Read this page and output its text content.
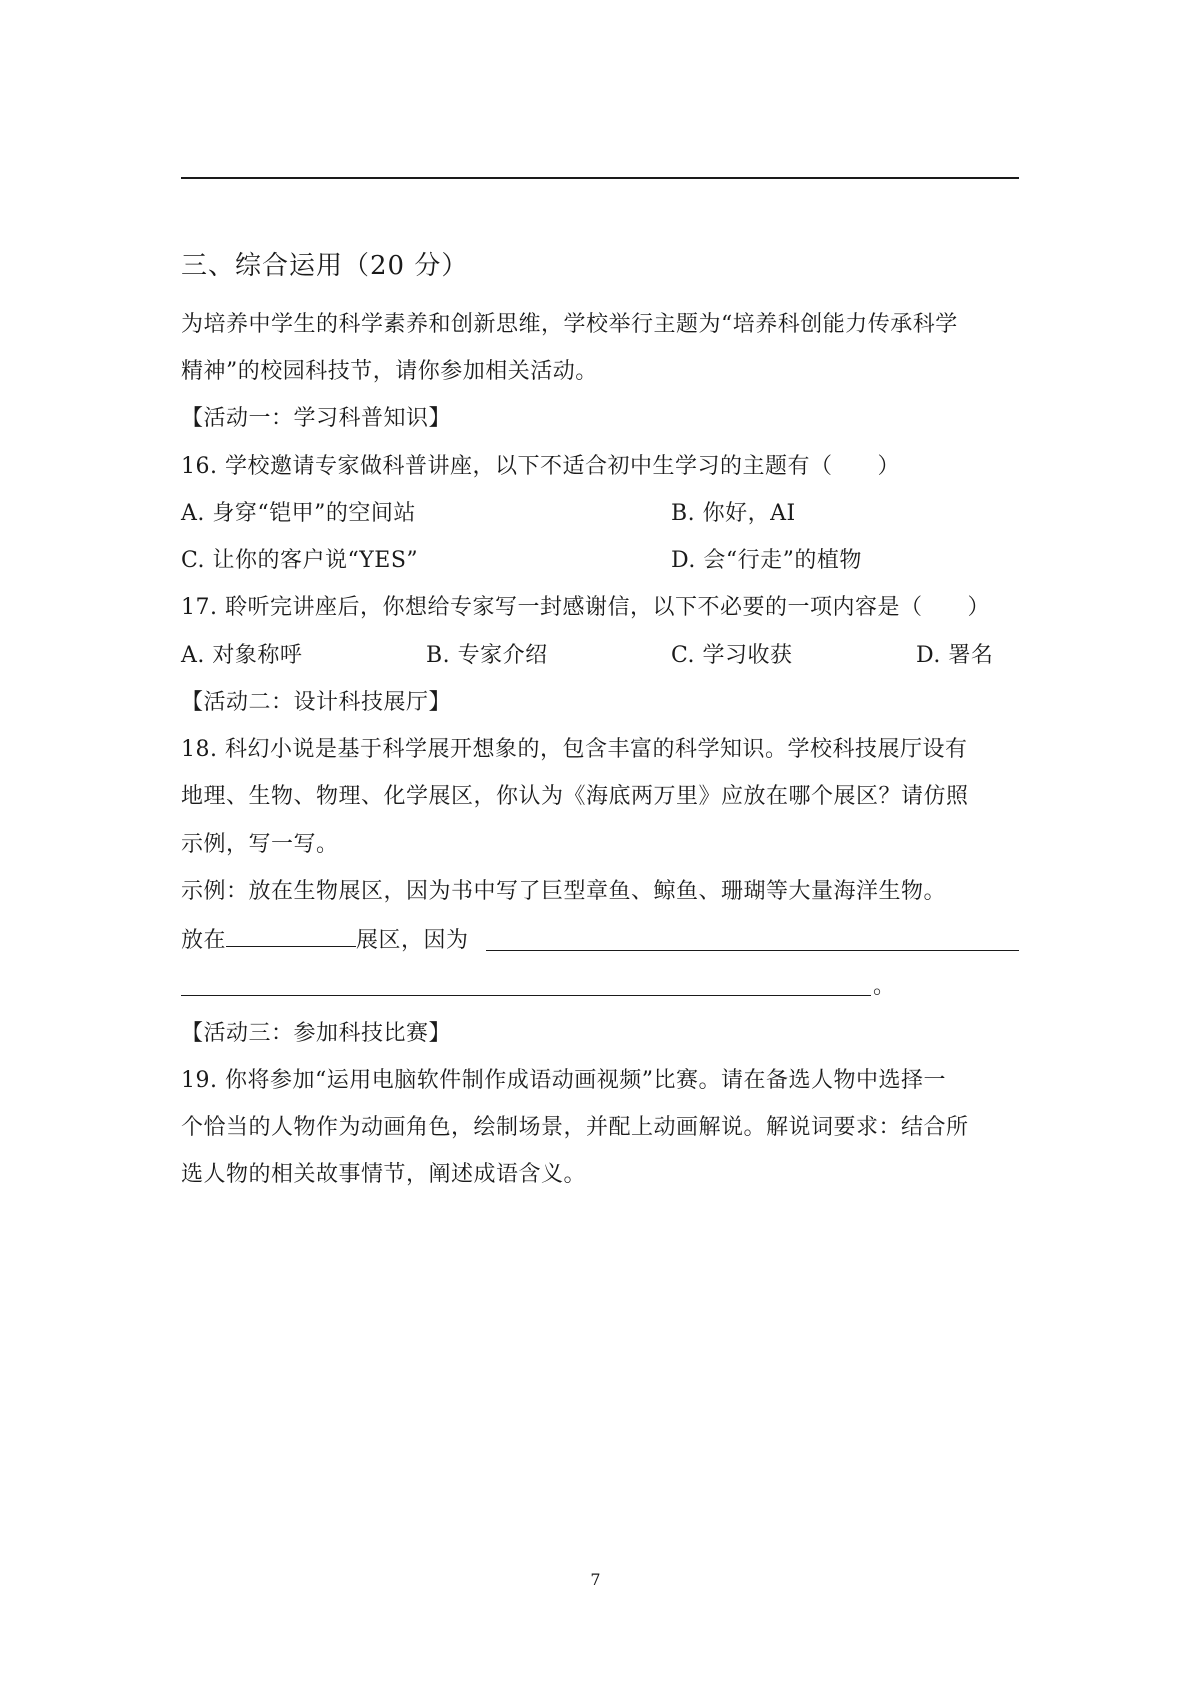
三、综合运用（20 分）
为培养中学生的科学素养和创新思维，学校举行主题为“培养科创能力传承科学
精神”的校园科技节，请你参加相关活动。
【活动一：学习科普知识】
16. 学校邀请专家做科普讲座，以下不适合初中生学习的主题有（　　）
A. 身穿“铠甲”的空间站	B. 你好，AI
C. 让你的客户说“YES”	D. 会“行走”的植物
17. 聆听完讲座后，你想给专家写一封感谢信，以下不必要的一项内容是（　　）
A. 对象称呼	B. 专家介绍	C. 学习收获	D. 署名
【活动二：设计科技展厅】
18. 科幻小说是基于科学展开想象的，包含丰富的科学知识。学校科技展厅设有
地理、生物、物理、化学展区，你认为《海底两万里》应放在哪个展区？请仿照
示例，写一写。
示例：放在生物展区，因为书中写了巨型章鱼、鲸鱼、珊瑚等大量海洋生物。
放在	展区，因为
。
【活动三：参加科技比赛】
19. 你将参加“运用电脑软件制作成语动画视频”比赛。请在备选人物中选择一
个恰当的人物作为动画角色，绘制场景，并配上动画解说。解说词要求：结合所
选人物的相关故事情节，阐述成语含义。
7
